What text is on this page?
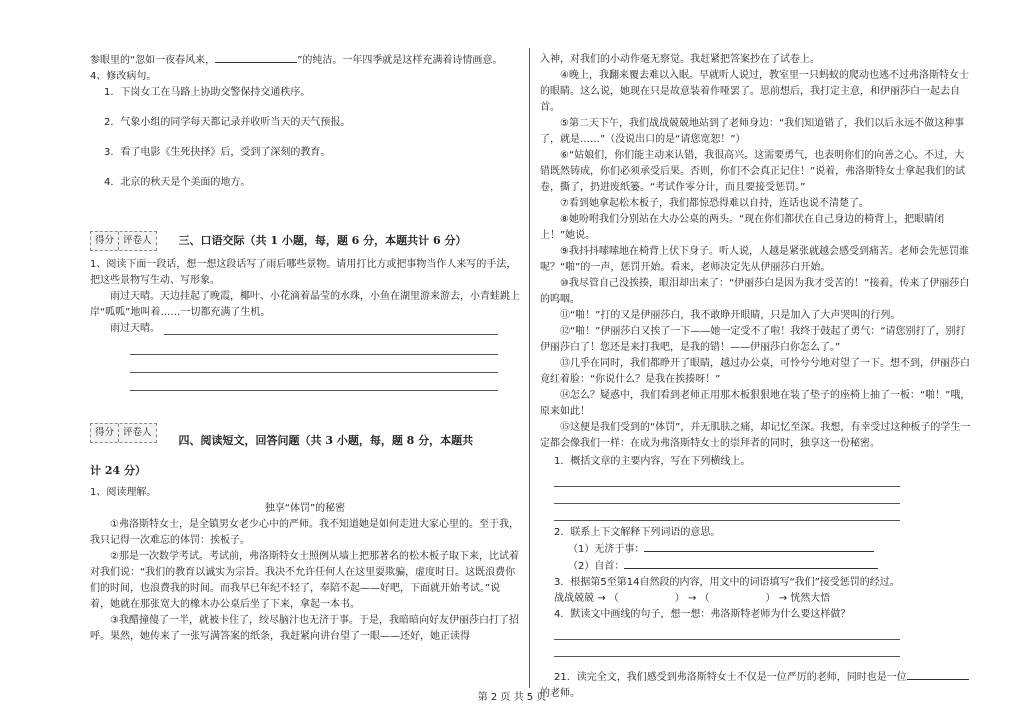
参眼里的“忽如一夜春风来，	”的纯洁。一年四季就是这样充满着诗情画意。
4、修改病句。
1．下岗女工在马路上协助交警保持交通秩序。
2．气象小组的同学每天都记录并收听当天的天气预报。
3．看了电影《生死抉择》后，受到了深刻的教育。
4．北京的秋天是个美面的地方。
得分 评卷人	三、口语交际（共 1 小题，每，题 6 分，本题共计 6 分）
1、阅读下面一段话，想一想这段话写了雨后哪些景物。请用打比方或把事物当作人来写的手法，把这些景物写生动、写形象。
雨过天晴。天边挂起了晚霞，椰叶、小花滴着晶莹的水珠，小鱼在湖里游来游去，小青蛙跳上岸“呱呱”地叫着……一切都充满了生机。
雨过天晴。
得分 评卷人
四、阅读短文，回答问题（共 3 小题，每，题 8 分，本题共
计 24 分）
1、阅读理解。
独享“体罚”的秘密
①弗洛斯特女士，是全镇男女老少心中的严师。我不知道她是如何走进大家心里的。至于我，我只记得一次难忘的体罚：挨板子。
②那是一次数学考试。考试前，弗洛斯特女士照例从墙上把那著名的松木板子取下来，比试着对我们说：“我们的教育以诚实为宗旨。我决不允许任何人在这里耍欺骗，虚度时日。这既浪费你们的时间，也浪费我的时间。而我早已年纪不轻了，奉陪不起——好吧，下面就开始考试。”说着，她就在那张宽大的橡木办公桌后坐了下来，拿起一本书。
③我醋撞傻了一半，就被卡住了，绞尽脑汁也无济于事。于是，我暗暗向好友伊丽莎白打了招呼。果然，她传来了一张写满答案的纸条，我赶紧向讲台望了一眼——还好，她正读得
入神，对我们的小动作毫无察觉。我赶紧把答案抄在了试卷上。
④晚上，我翻来覆去难以入眠。早就听人说过，教室里一只蚂蚁的爬动也逃不过弗洛斯特女士的眼睛。这么说，她现在只是故意装着作哑罢了。思前想后，我打定主意，和伊丽莎白一起去自首。
⑤第二天下午，我们战战兢兢地站到了老师身边：“我们知道错了，我们以后永远不做这种事了，就是……”（没说出口的是“请您宽恕！”）
⑥“姑娘们，你们能主动来认错，我很高兴。这需要勇气，也表明你们的向善之心。不过，大错既然铸成，你们必须承受后果。否则，你们不会真正记住！”说着，弗洛斯特女士拿起我们的试卷，撕了，扔进废纸篓。“考试作零分计，而且要接受惩罚。”
⑦看到她拿起松木板子，我们都惊恐得难以自持，连话也说不清楚了。
⑧她吩咐我们分别站在大办公桌的两头。“现在你们都伏在自己身边的椅背上，把眼睛闭上！”她说。
⑨我抖抖嗦嗦地在椅背上伏下身子。听人说，人越是紧张就越会感受到痛苦。老师会先惩罚谁呢？“啪”的一声，惩罚开始。看来，老师决定先从伊丽莎白开始。
⑩我尽管自己没挨揍，眼泪却出来了：“伊丽莎白是因为我才受苦的！”接着，传来了伊丽莎白的呜咽。
⑪“啪！”打的又是伊丽莎白，我不敢睁开眼睛，只是加入了大声哭叫的行列。
⑫“啪！”伊丽莎白又挨了一下——她一定受不了啦！我终于鼓起了勇气：“请您别打了，别打伊丽莎白了！您还是来打我吧，是我的错！——伊丽莎白你怎么了。”
⑬几乎在同时，我们都睁开了眼睛，越过办公桌，可怜兮兮地对望了一下。想不到，伊丽莎白竟红着脸：“你说什么？是我在挨揍呀！”
⑭怎么？疑惑中，我们看到老师正用那木板狠狠地在装了垫子的座椅上抽了一板：“啪！”哦，原来如此！
⑮这便是我们受到的“体罚”，并无肌肤之痛，却记忆至深。我想，有幸受过这种板子的学生一定都会像我们一样：在成为弗洛斯特女士的崇拜者的同时，独享这一份秘密。
1．概括文章的主要内容，写在下列横线上。
2．联系上下文解释下列词语的意思。
（1）无济于事：
（2）自首：
3．根据第5至第14自然段的内容，用文中的词语填写“我们”接受惩罚的经过。
战战兢兢 → （	） → （	） → 恍然大悟
4．默读文中画线的句子，想一想：弗洛斯特老师为什么要这样做？
21．读完全文，我们感受到弗洛斯特女士不仅是一位严厉的老师，同时也是一位
的老师。
第 2 页 共 5 页
